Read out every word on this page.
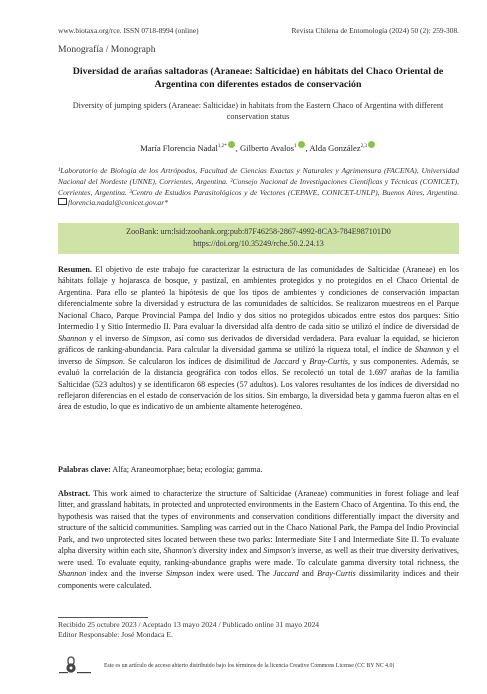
www.biotaxa.org/rce. ISSN 0718-8994 (online)	Revista Chilena de Entomología (2024) 50 (2): 259-308.
Monografía / Monograph
Diversidad de arañas saltadoras (Araneae: Salticidae) en hábitats del Chaco Oriental de Argentina con diferentes estados de conservación
Diversity of jumping spiders (Araneae: Salticidae) in habitats from the Eastern Chaco of Argentina with different conservation status
María Florencia Nadal$^{1,2*}$ , Gilberto Avalos$^1$ , Alda González$^{2,3}$
¹Laboratorio de Biología de los Artrópodos, Facultad de Ciencias Exactas y Naturales y Agrimensura (FACENA), Universidad Nacional del Nordeste (UNNE), Corrientes, Argentina. ²Consejo Nacional de Investigaciones Científicas y Técnicas (CONICET), Corrientes, Argentina. ³Centro de Estudios Parasitológicos y de Vectores (CEPAVE, CONICET-UNLP), Buenos Aires, Argentina. florencia.nadal@conicet.gov.ar*
ZooBank: urn:lsid:zoobank.org:pub:87F46258-2867-4992-8CA3-784E987101D0
https://doi.org/10.35249/rche.50.2.24.13
Resumen. El objetivo de este trabajo fue caracterizar la estructura de las comunidades de Salticidae (Araneae) en los hábitats follaje y hojarasca de bosque, y pastizal, en ambientes protegidos y no protegidos en el Chaco Oriental de Argentina. Para ello se planteó la hipótesis de que los tipos de ambientes y condiciones de conservación impactan diferencialmente sobre la diversidad y estructura de las comunidades de saltícidos. Se realizaron muestreos en el Parque Nacional Chaco, Parque Provincial Pampa del Indio y dos sitios no protegidos ubicados entre estos dos parques: Sitio Intermedio I y Sitio Intermedio II. Para evaluar la diversidad alfa dentro de cada sitio se utilizó el índice de diversidad de Shannon y el inverso de Simpson, así como sus derivados de diversidad verdadera. Para evaluar la equidad, se hicieron gráficos de ranking-abundancia. Para calcular la diversidad gamma se utilizó la riqueza total, el índice de Shannon y el inverso de Simpson. Se calcularon los índices de disimilitud de Jaccard y Bray-Curtis, y sus componentes. Además, se evaluó la correlación de la distancia geográfica con todos ellos. Se recolectó un total de 1.697 arañas de la familia Salticidae (523 adultos) y se identificaron 68 especies (57 adultos). Los valores resultantes de los índices de diversidad no reflejaron diferencias en el estado de conservación de los sitios. Sin embargo, la diversidad beta y gamma fueron altas en el área de estudio, lo que es indicativo de un ambiente altamente heterogéneo.
Palabras clave: Alfa; Araneomorphae; beta; ecología; gamma.
Abstract. This work aimed to characterize the structure of Salticidae (Araneae) communities in forest foliage and leaf litter, and grassland habitats, in protected and unprotected environments in the Eastern Chaco of Argentina. To this end, the hypothesis was raised that the types of environments and conservation conditions differentially impact the diversity and structure of the salticid communities. Sampling was carried out in the Chaco National Park, the Pampa del Indio Provincial Park, and two unprotected sites located between these two parks: Intermediate Site I and Intermediate Site II. To evaluate alpha diversity within each site, Shannon's diversity index and Simpson's inverse, as well as their true diversity derivatives, were used. To evaluate equity, ranking-abundance graphs were made. To calculate gamma diversity total richness, the Shannon index and the inverse Simpson index were used. The Jaccard and Bray-Curtis dissimilarity indices and their components were calculated.
Recibido 25 octubre 2023 / Aceptado 13 mayo 2024 / Publicado online 31 mayo 2024
Editor Responsable: José Mondaca E.
Este es un artículo de acceso abierto distribuido bajo los términos de la licencia Creative Commons License (CC BY NC 4.0)
